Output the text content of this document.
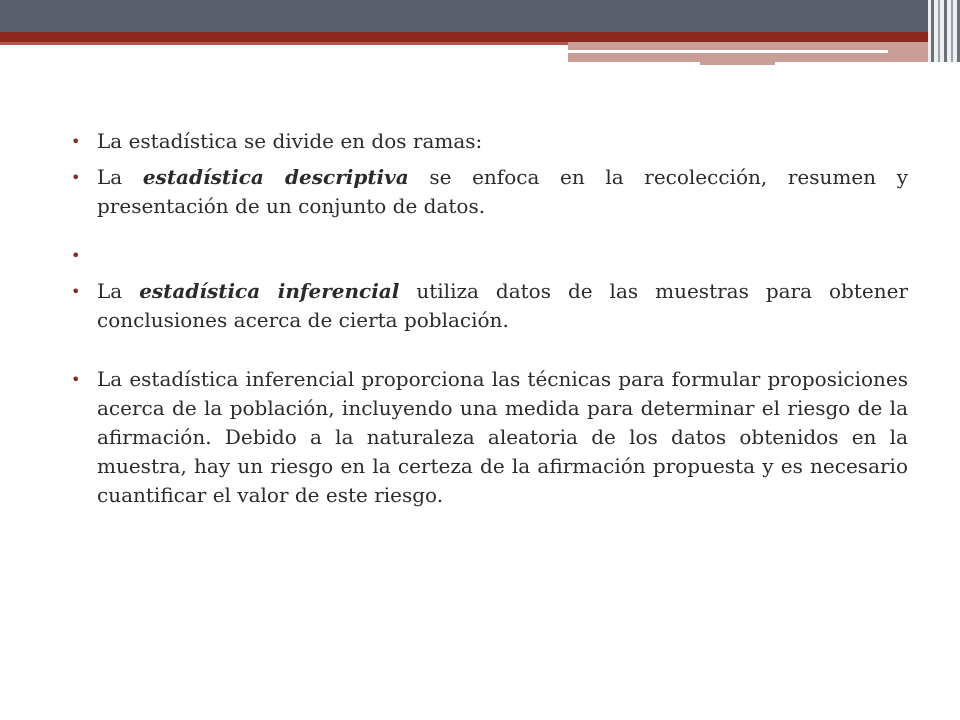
• La estadística se divide en dos ramas:
• La estadística descriptiva se enfoca en la recolección, resumen y presentación de un conjunto de datos.
•
• La estadística inferencial utiliza datos de las muestras para obtener conclusiones acerca de cierta población.
• La estadística inferencial proporciona las técnicas para formular proposiciones acerca de la población, incluyendo una medida para determinar el riesgo de la afirmación. Debido a la naturaleza aleatoria de los datos obtenidos en la muestra, hay un riesgo en la certeza de la afirmación propuesta y es necesario cuantificar el valor de este riesgo.
